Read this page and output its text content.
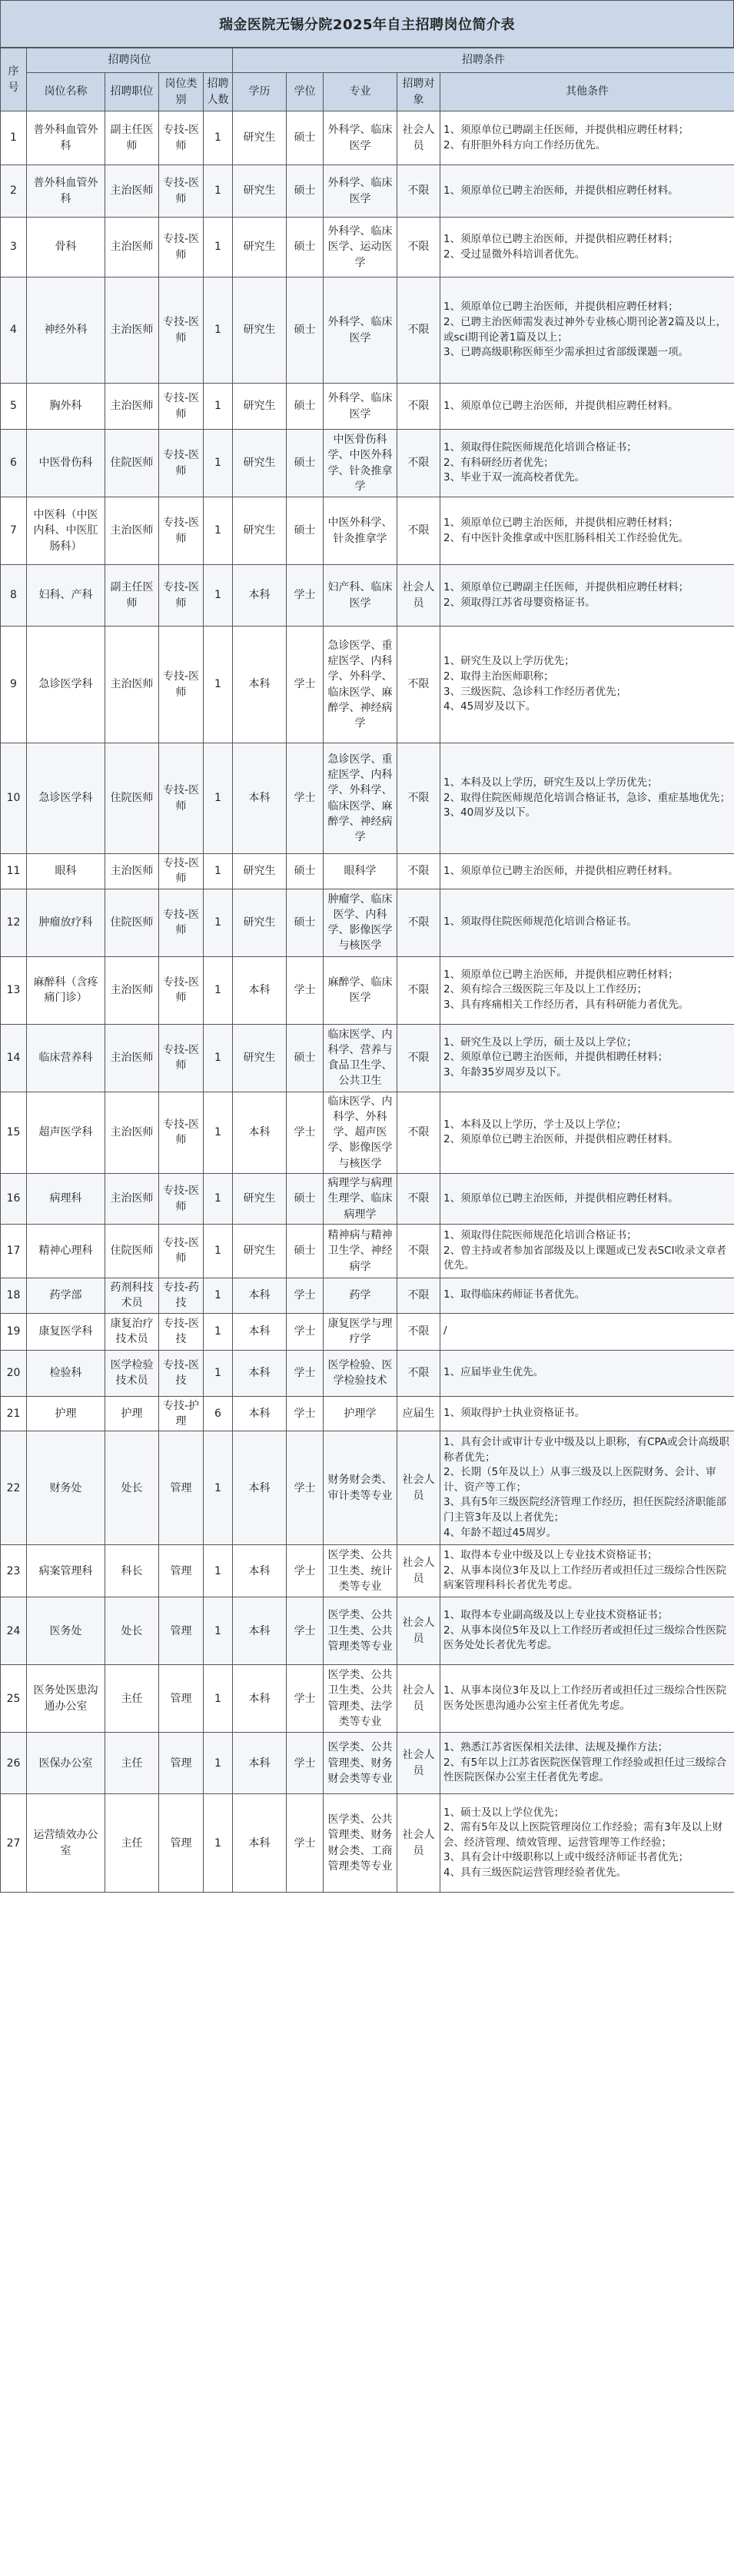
瑞金医院无锡分院2025年自主招聘岗位简介表
序号	招聘岗位				招聘条件				
	岗位名称	招聘职位	岗位类别	招聘人数	学历	学位	专业	招聘对象	其他条件
1	普外科血管外科	副主任医师	专技-医师	1	研究生	硕士	外科学、临床医学	社会人员	1、须原单位已聘副主任医师，并提供相应聘任材料；
2、有肝胆外科方向工作经历优先。
2	普外科血管外科	主治医师	专技-医师	1	研究生	硕士	外科学、临床医学	不限	1、须原单位已聘主治医师，并提供相应聘任材料。
3	骨科	主治医师	专技-医师	1	研究生	硕士	外科学、临床医学、运动医学	不限	1、须原单位已聘主治医师，并提供相应聘任材料；
2、受过显微外科培训者优先。
4	神经外科	主治医师	专技-医师	1	研究生	硕士	外科学、临床医学	不限	1、须原单位已聘主治医师，并提供相应聘任材料；
2、已聘主治医师需发表过神外专业核心期刊论著2篇及以上，或sci期刊论著1篇及以上；
3、已聘高级职称医师至少需承担过省部级课题一项。
5	胸外科	主治医师	专技-医师	1	研究生	硕士	外科学、临床医学	不限	1、须原单位已聘主治医师，并提供相应聘任材料。
6	中医骨伤科	住院医师	专技-医师	1	研究生	硕士	中医骨伤科学、中医外科学、针灸推拿学	不限	1、须取得住院医师规范化培训合格证书；
2、有科研经历者优先；
3、毕业于双一流高校者优先。
7	中医科（中医内科、中医肛肠科）	主治医师	专技-医师	1	研究生	硕士	中医外科学、针灸推拿学	不限	1、须原单位已聘主治医师，并提供相应聘任材料；
2、有中医针灸推拿或中医肛肠科相关工作经验优先。
8	妇科、产科	副主任医师	专技-医师	1	本科	学士	妇产科、临床医学	社会人员	1、须原单位已聘副主任医师，并提供相应聘任材料；
2、须取得江苏省母婴资格证书。
9	急诊医学科	主治医师	专技-医师	1	本科	学士	急诊医学、重症医学、内科学、外科学、临床医学、麻醉学、神经病学	不限	1、研究生及以上学历优先；
2、取得主治医师职称；
3、三级医院、急诊科工作经历者优先；
4、45周岁及以下。
10	急诊医学科	住院医师	专技-医师	1	本科	学士	急诊医学、重症医学、内科学、外科学、临床医学、麻醉学、神经病学	不限	1、本科及以上学历，研究生及以上学历优先；
2、取得住院医师规范化培训合格证书，急诊、重症基地优先；
3、40周岁及以下。
11	眼科	主治医师	专技-医师	1	研究生	硕士	眼科学	不限	1、须原单位已聘主治医师，并提供相应聘任材料。
12	肿瘤放疗科	住院医师	专技-医师	1	研究生	硕士	肿瘤学、临床医学、内科学、影像医学与核医学	不限	1、须取得住院医师规范化培训合格证书。
13	麻醉科（含疼痛门诊）	主治医师	专技-医师	1	本科	学士	麻醉学、临床医学	不限	1、须原单位已聘主治医师，并提供相应聘任材料；
2、须有综合三级医院三年及以上工作经历；
3、具有疼痛相关工作经历者，具有科研能力者优先。
14	临床营养科	主治医师	专技-医师	1	研究生	硕士	临床医学、内科学、营养与食品卫生学、公共卫生	不限	1、研究生及以上学历，硕士及以上学位；
2、须原单位已聘主治医师，并提供相聘任材料；
3、年龄35岁周岁及以下。
15	超声医学科	主治医师	专技-医师	1	本科	学士	临床医学、内科学、外科学、超声医学、影像医学与核医学	不限	1、本科及以上学历，学士及以上学位；
2、须原单位已聘主治医师，并提供相应聘任材料。
16	病理科	主治医师	专技-医师	1	研究生	硕士	病理学与病理生理学、临床病理学	不限	1、须原单位已聘主治医师，并提供相应聘任材料。
17	精神心理科	住院医师	专技-医师	1	研究生	硕士	精神病与精神卫生学、神经病学	不限	1、须取得住院医师规范化培训合格证书；
2、曾主持或者参加省部级及以上课题或已发表SCI收录文章者优先。
18	药学部	药剂科技术员	专技-药技	1	本科	学士	药学	不限	1、取得临床药师证书者优先。
19	康复医学科	康复治疗技术员	专技-医技	1	本科	学士	康复医学与理疗学	不限	/
20	检验科	医学检验技术员	专技-医技	1	本科	学士	医学检验、医学检验技术	不限	1、应届毕业生优先。
21	护理	护理	专技-护理	6	本科	学士	护理学	应届生	1、须取得护士执业资格证书。
22	财务处	处长	管理	1	本科	学士	财务财会类、审计类等专业	社会人员	1、具有会计或审计专业中级及以上职称，有CPA或会计高级职称者优先；
2、长期（5年及以上）从事三级及以上医院财务、会计、审计、资产等工作；
3、具有5年三级医院经济管理工作经历，担任医院经济职能部门主管3年及以上者优先；
4、年龄不超过45周岁。
23	病案管理科	科长	管理	1	本科	学士	医学类、公共卫生类、统计类等专业	社会人员	1、取得本专业中级及以上专业技术资格证书；
2、从事本岗位3年及以上工作经历者或担任过三级综合性医院病案管理科科长者优先考虑。
24	医务处	处长	管理	1	本科	学士	医学类、公共卫生类、公共管理类等专业	社会人员	1、取得本专业副高级及以上专业技术资格证书；
2、从事本岗位5年及以上工作经历者或担任过三级综合性医院医务处处长者优先考虑。
25	医务处医患沟通办公室	主任	管理	1	本科	学士	医学类、公共卫生类、公共管理类、法学类等专业	社会人员	1、从事本岗位3年及以上工作经历者或担任过三级综合性医院医务处医患沟通办公室主任者优先考虑。
26	医保办公室	主任	管理	1	本科	学士	医学类、公共管理类、财务财会类等专业	社会人员	1、熟悉江苏省医保相关法律、法规及操作方法；
2、有5年以上江苏省医院医保管理工作经验或担任过三级综合性医院医保办公室主任者优先考虑。
27	运营绩效办公室	主任	管理	1	本科	学士	医学类、公共管理类、财务财会类、工商管理类等专业	社会人员	1、硕士及以上学位优先；
2、需有5年及以上医院管理岗位工作经验；需有3年及以上财会、经济管理、绩效管理、运营管理等工作经验；
3、具有会计中级职称以上或中级经济师证书者优先；
4、具有三级医院运营管理经验者优先。
